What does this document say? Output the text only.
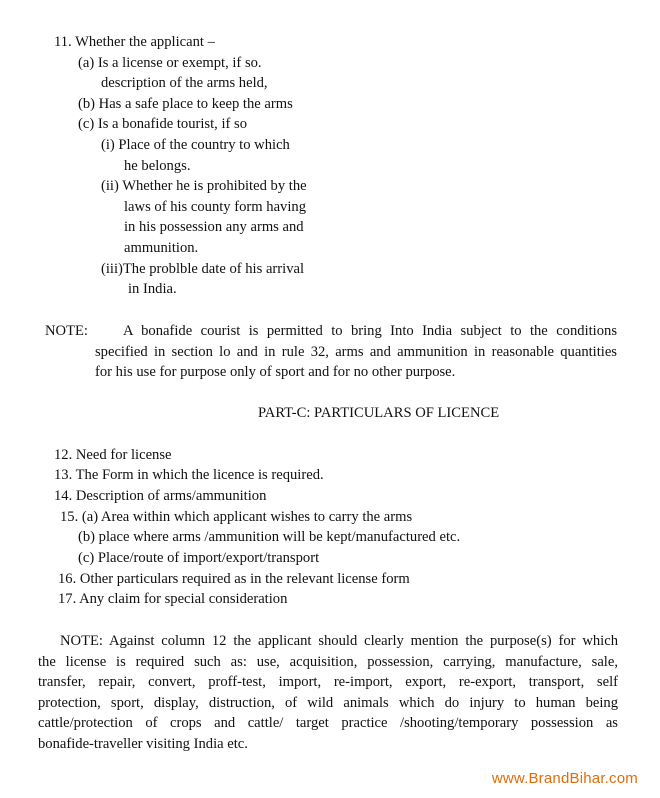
11. Whether the applicant –
(a) Is a license or exempt, if so.
description of the arms held,
(b) Has a safe place to keep the arms
(c) Is a bonafide tourist, if so
(i) Place of the country to which
he belongs.
(ii) Whether he is prohibited by the
laws of his county form having
in his possession any arms and
ammunition.
(iii)The problble date of his arrival
in India.
NOTE:	A bonafide courist is permitted to bring Into India subject to the conditions
specified in section lo and in rule 32, arms and ammunition in reasonable quantities
for his use for purpose only of sport and for no other purpose.
PART-C: PARTICULARS OF LICENCE
12. Need for license
13. The Form in which the licence is required.
14. Description of arms/ammunition
15. (a) Area within which applicant wishes to carry the arms
(b) place where arms /ammunition will be kept/manufactured etc.
(c) Place/route of import/export/transport
16. Other particulars required as in the relevant license form
17. Any claim for special consideration
NOTE: Against column 12 the applicant should clearly mention the purpose(s) for which
the license is required such as: use, acquisition, possession, carrying, manufacture, sale,
transfer, repair, convert, proff-test, import, re-import, export, re-export, transport, self
protection, sport, display, distruction, of wild animals which do injury to human being
cattle/protection of crops and cattle/ target practice /shooting/temporary possession as
bonafide-traveller visiting India etc.
www.BrandBihar.com
